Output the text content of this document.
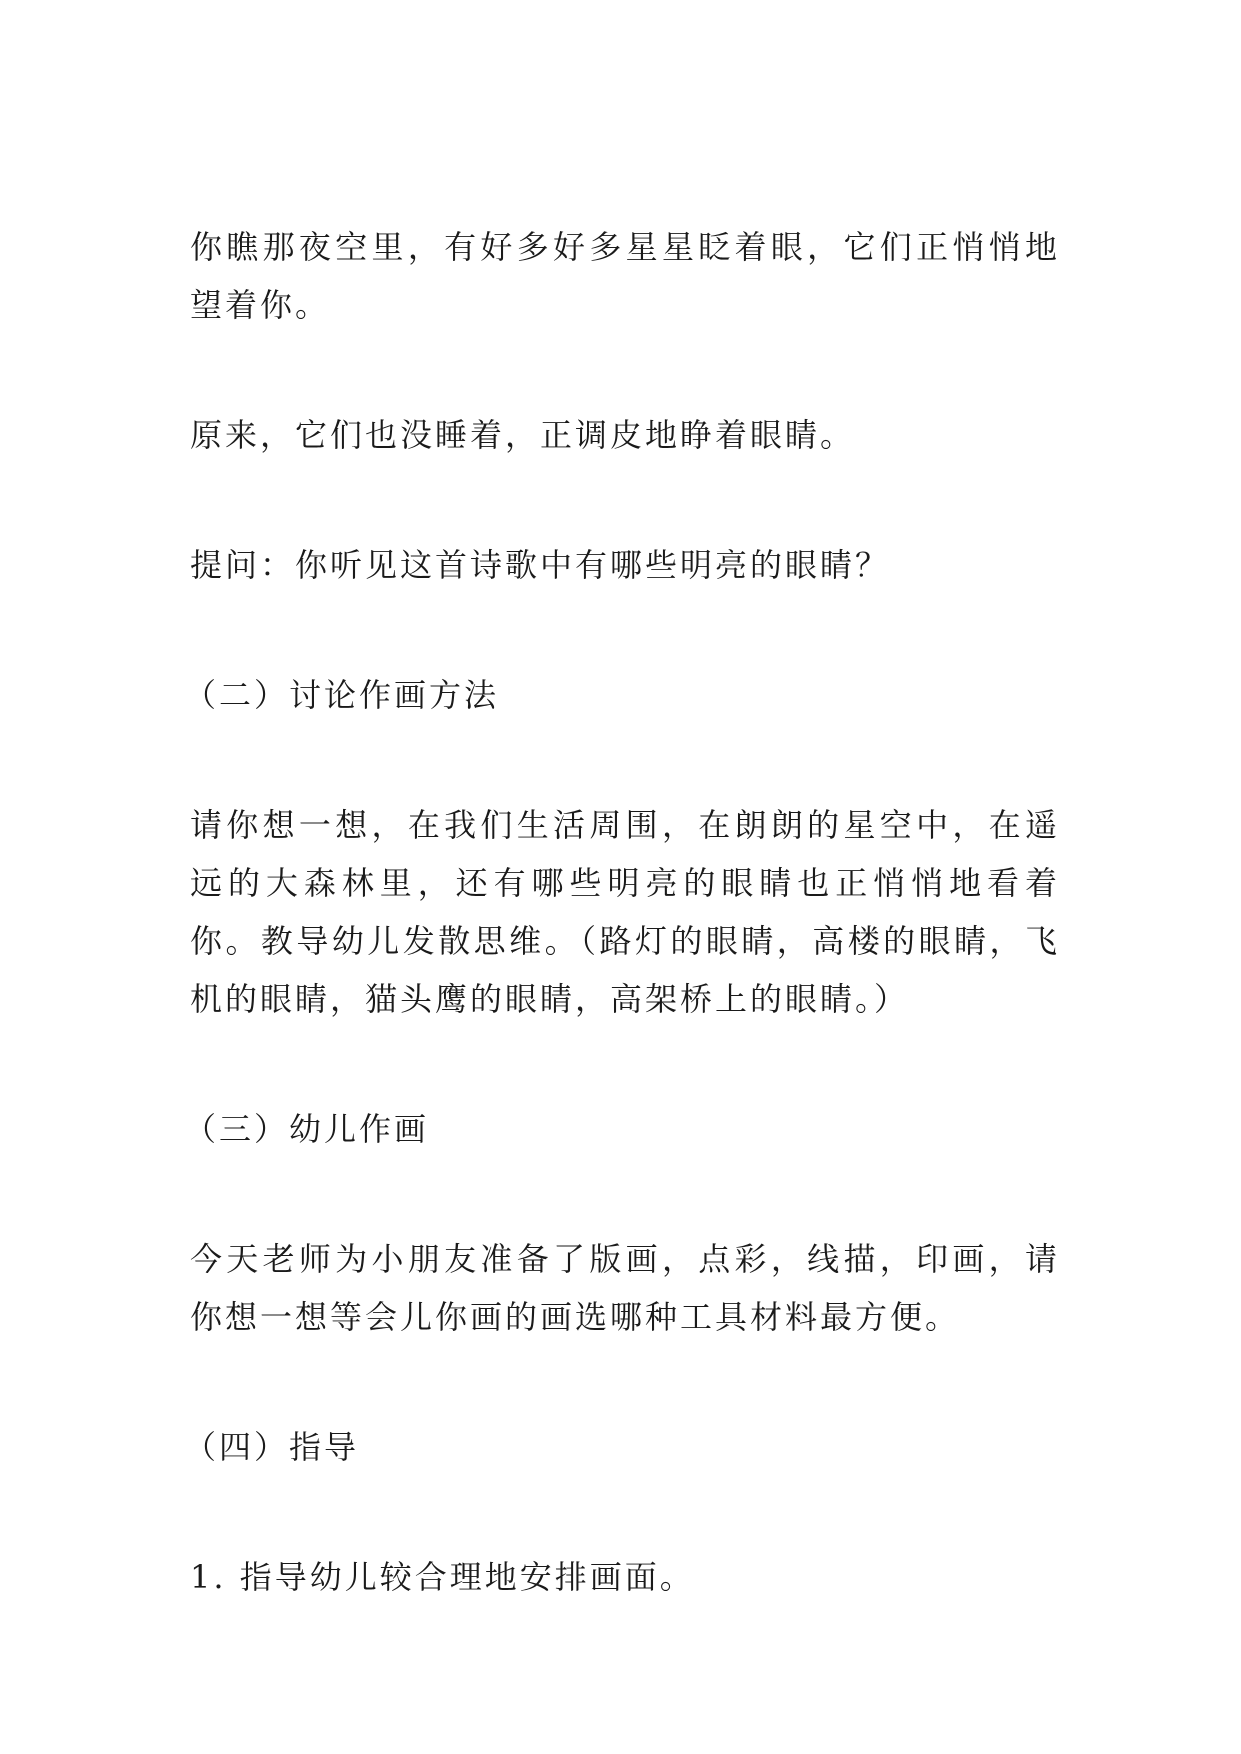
你瞧那夜空里，有好多好多星星眨着眼，它们正悄悄地望着你。

原来，它们也没睡着，正调皮地睁着眼睛。

提问：你听见这首诗歌中有哪些明亮的眼睛？

（二）讨论作画方法

请你想一想，在我们生活周围，在朗朗的星空中，在遥远的大森林里，还有哪些明亮的眼睛也正悄悄地看着你。教导幼儿发散思维。（路灯的眼睛，高楼的眼睛，飞机的眼睛，猫头鹰的眼睛，高架桥上的眼睛。）

（三）幼儿作画

今天老师为小朋友准备了版画，点彩，线描，印画，请你想一想等会儿你画的画选哪种工具材料最方便。

（四）指导

1. 指导幼儿较合理地安排画面。
